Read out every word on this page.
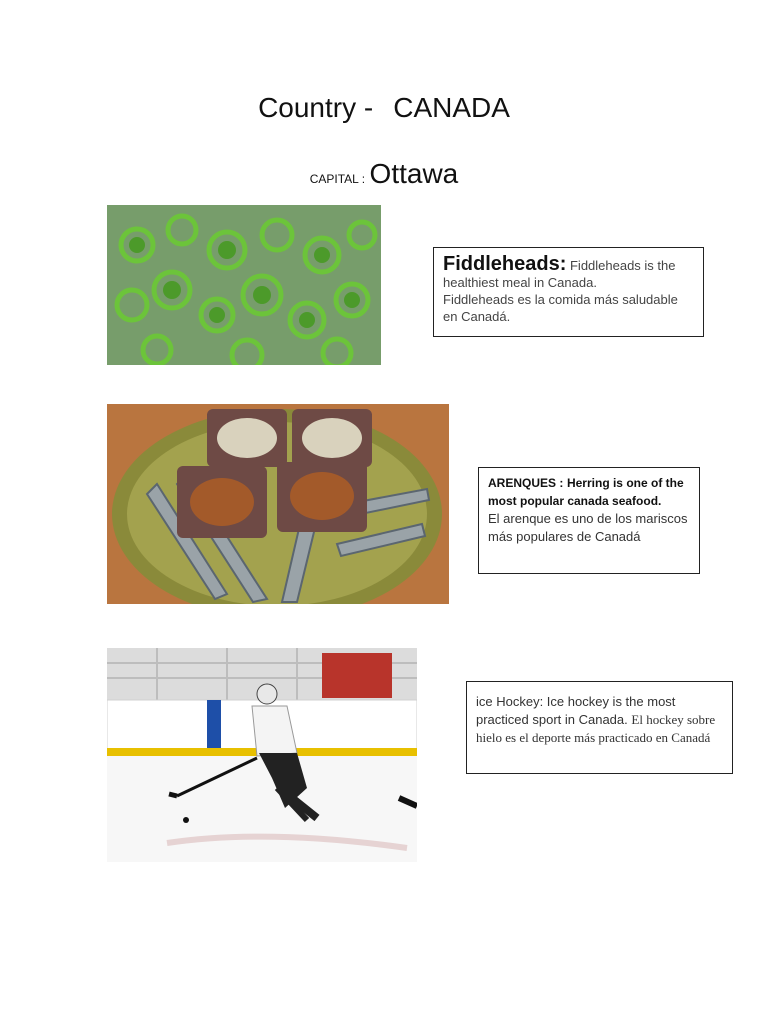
Country - CANADA
CAPITAL : Ottawa
Fiddleheads: Fiddleheads is the healthiest meal in Canada.
Fiddleheads es la comida más saludable en Canadá.
ARENQUES : Herring is one of the most popular canada seafood.
El arenque es uno de los mariscos más populares de Canadá
ice Hockey: Ice hockey is the most practiced sport in Canada. El hockey sobre hielo es el deporte más practicado en Canadá
